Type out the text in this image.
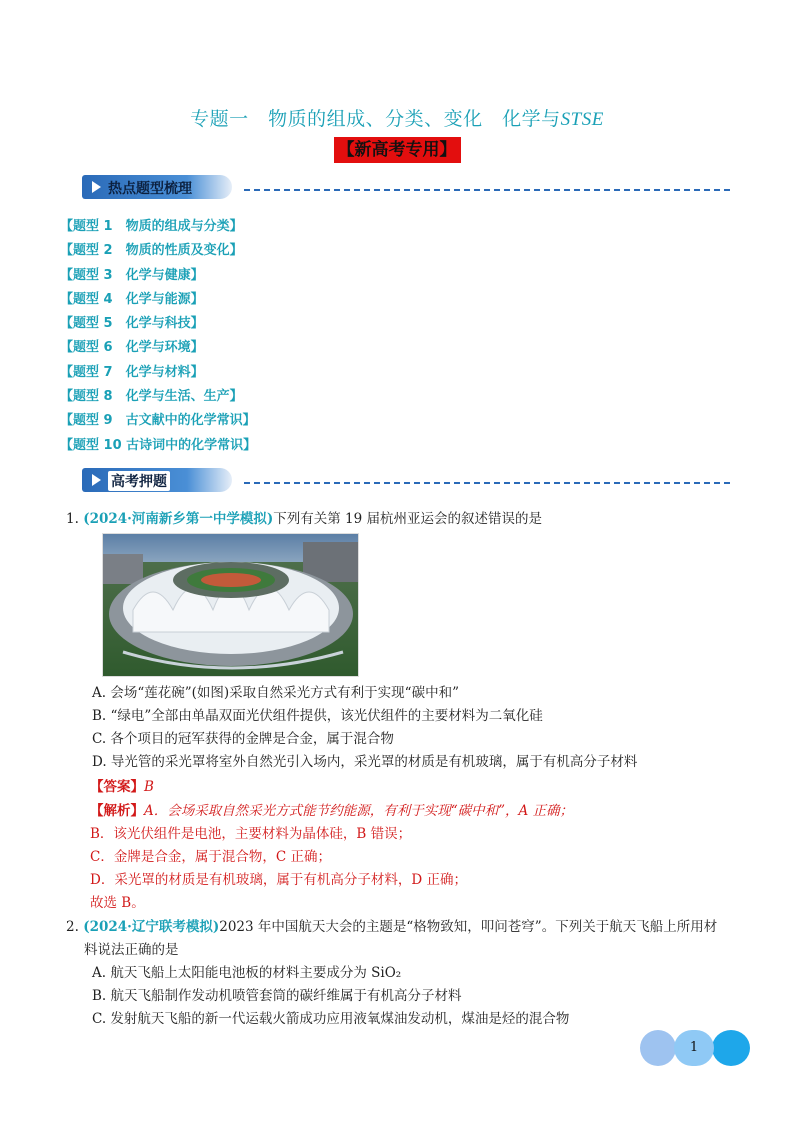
专题一　物质的组成、分类、变化　化学与STSE
【新高考专用】
热点题型梳理
【题型 1　物质的组成与分类】
【题型 2　物质的性质及变化】
【题型 3　化学与健康】
【题型 4　化学与能源】
【题型 5　化学与科技】
【题型 6　化学与环境】
【题型 7　化学与材料】
【题型 8　化学与生活、生产】
【题型 9　古文献中的化学常识】
【题型 10 古诗词中的化学常识】
高考押题
1. (2024·河南新乡第一中学模拟)下列有关第 19 届杭州亚运会的叙述错误的是
A. 会场“莲花碗”(如图)采取自然采光方式有利于实现“碳中和”
B. “绿电”全部由单晶双面光伏组件提供，该光伏组件的主要材料为二氧化硅
C. 各个项目的冠军获得的金牌是合金，属于混合物
D. 导光管的采光罩将室外自然光引入场内，采光罩的材质是有机玻璃，属于有机高分子材料
【答案】B
【解析】A．会场采取自然采光方式能节约能源，有利于实现“碳中和”，A 正确；
B．该光伏组件是电池，主要材料为晶体硅，B 错误；
C．金牌是合金，属于混合物，C 正确；
D．采光罩的材质是有机玻璃，属于有机高分子材料，D 正确；
故选 B。
2. (2024·辽宁联考模拟)2023 年中国航天大会的主题是“格物致知，叩问苍穹”。下列关于航天飞船上所用材
料说法正确的是
A. 航天飞船上太阳能电池板的材料主要成分为 SiO₂
B. 航天飞船制作发动机喷管套筒的碳纤维属于有机高分子材料
C. 发射航天飞船的新一代运载火箭成功应用液氧煤油发动机，煤油是烃的混合物
1
